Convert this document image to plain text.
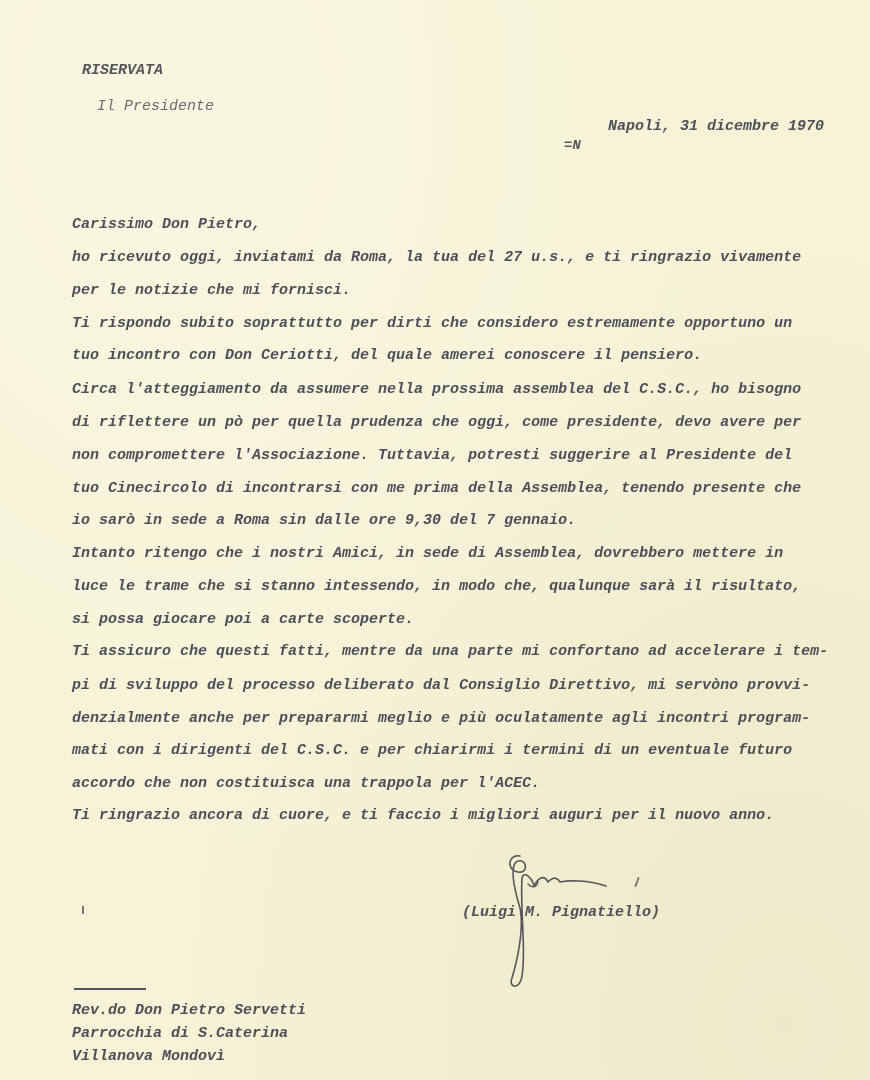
RISERVATA
Il Presidente
Napoli, 31 dicembre 1970
=N
Carissimo Don Pietro,
ho ricevuto oggi, inviatami da Roma, la tua del 27 u.s., e ti ringrazio vivamente
per le notizie che mi fornisci.
Ti rispondo subito soprattutto per dirti che considero estremamente opportuno un
tuo incontro con Don Ceriotti, del quale amerei conoscere il pensiero.
Circa l'atteggiamento da assumere nella prossima assemblea del C.S.C., ho bisogno
di riflettere un pò per quella prudenza che oggi, come presidente, devo avere per
non compromettere l'Associazione. Tuttavia, potresti suggerire al Presidente del
tuo Cinecircolo di incontrarsi con me prima della Assemblea, tenendo presente che
io sarò in sede a Roma sin dalle ore 9,30 del 7 gennaio.
Intanto ritengo che i nostri Amici, in sede di Assemblea, dovrebbero mettere in
luce le trame che si stanno intessendo, in modo che, qualunque sarà il risultato,
si possa giocare poi a carte scoperte.
Ti assicuro che questi fatti, mentre da una parte mi confortano ad accelerare i tem-
pi di sviluppo del processo deliberato dal Consiglio Direttivo, mi servòno provvi-
denzialmente anche per prepararmi meglio e più oculatamente agli incontri program-
mati con i dirigenti del C.S.C. e per chiarirmi i termini di un eventuale futuro
accordo che non costituisca una trappola per l'ACEC.
Ti ringrazio ancora di cuore, e ti faccio i migliori auguri per il nuovo anno.
(Luigi M. Pignatiello)
Rev.do Don Pietro Servetti
Parrocchia di S.Caterina
Villanova Mondovì
